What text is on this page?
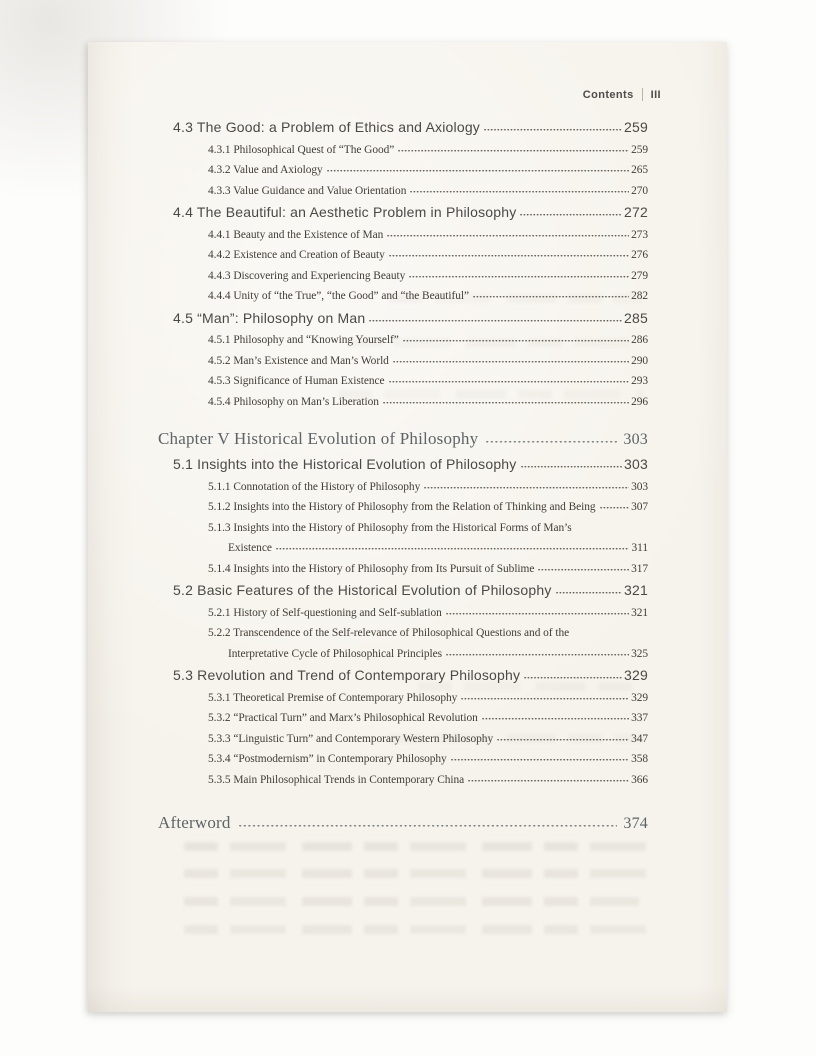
Contents III
4.3 The Good: a Problem of Ethics and Axiology	259
4.3.1 Philosophical Quest of “The Good”	259
4.3.2 Value and Axiology	265
4.3.3 Value Guidance and Value Orientation	270
4.4 The Beautiful: an Aesthetic Problem in Philosophy	272
4.4.1 Beauty and the Existence of Man	273
4.4.2 Existence and Creation of Beauty	276
4.4.3 Discovering and Experiencing Beauty	279
4.4.4 Unity of “the True”, “the Good” and “the Beautiful”	282
4.5 “Man”: Philosophy on Man	285
4.5.1 Philosophy and “Knowing Yourself”	286
4.5.2 Man’s Existence and Man’s World	290
4.5.3 Significance of Human Existence	293
4.5.4 Philosophy on Man’s Liberation	296
Chapter V Historical Evolution of Philosophy	303
5.1 Insights into the Historical Evolution of Philosophy	303
5.1.1 Connotation of the History of Philosophy	303
5.1.2 Insights into the History of Philosophy from the Relation of Thinking and Being	307
5.1.3 Insights into the History of Philosophy from the Historical Forms of Man’s
Existence	311
5.1.4 Insights into the History of Philosophy from Its Pursuit of Sublime	317
5.2 Basic Features of the Historical Evolution of Philosophy	321
5.2.1 History of Self-questioning and Self-sublation	321
5.2.2 Transcendence of the Self-relevance of Philosophical Questions and of the
Interpretative Cycle of Philosophical Principles	325
5.3 Revolution and Trend of Contemporary Philosophy	329
5.3.1 Theoretical Premise of Contemporary Philosophy	329
5.3.2 “Practical Turn” and Marx’s Philosophical Revolution	337
5.3.3 “Linguistic Turn” and Contemporary Western Philosophy	347
5.3.4 “Postmodernism” in Contemporary Philosophy	358
5.3.5 Main Philosophical Trends in Contemporary China	366
Afterword	374
